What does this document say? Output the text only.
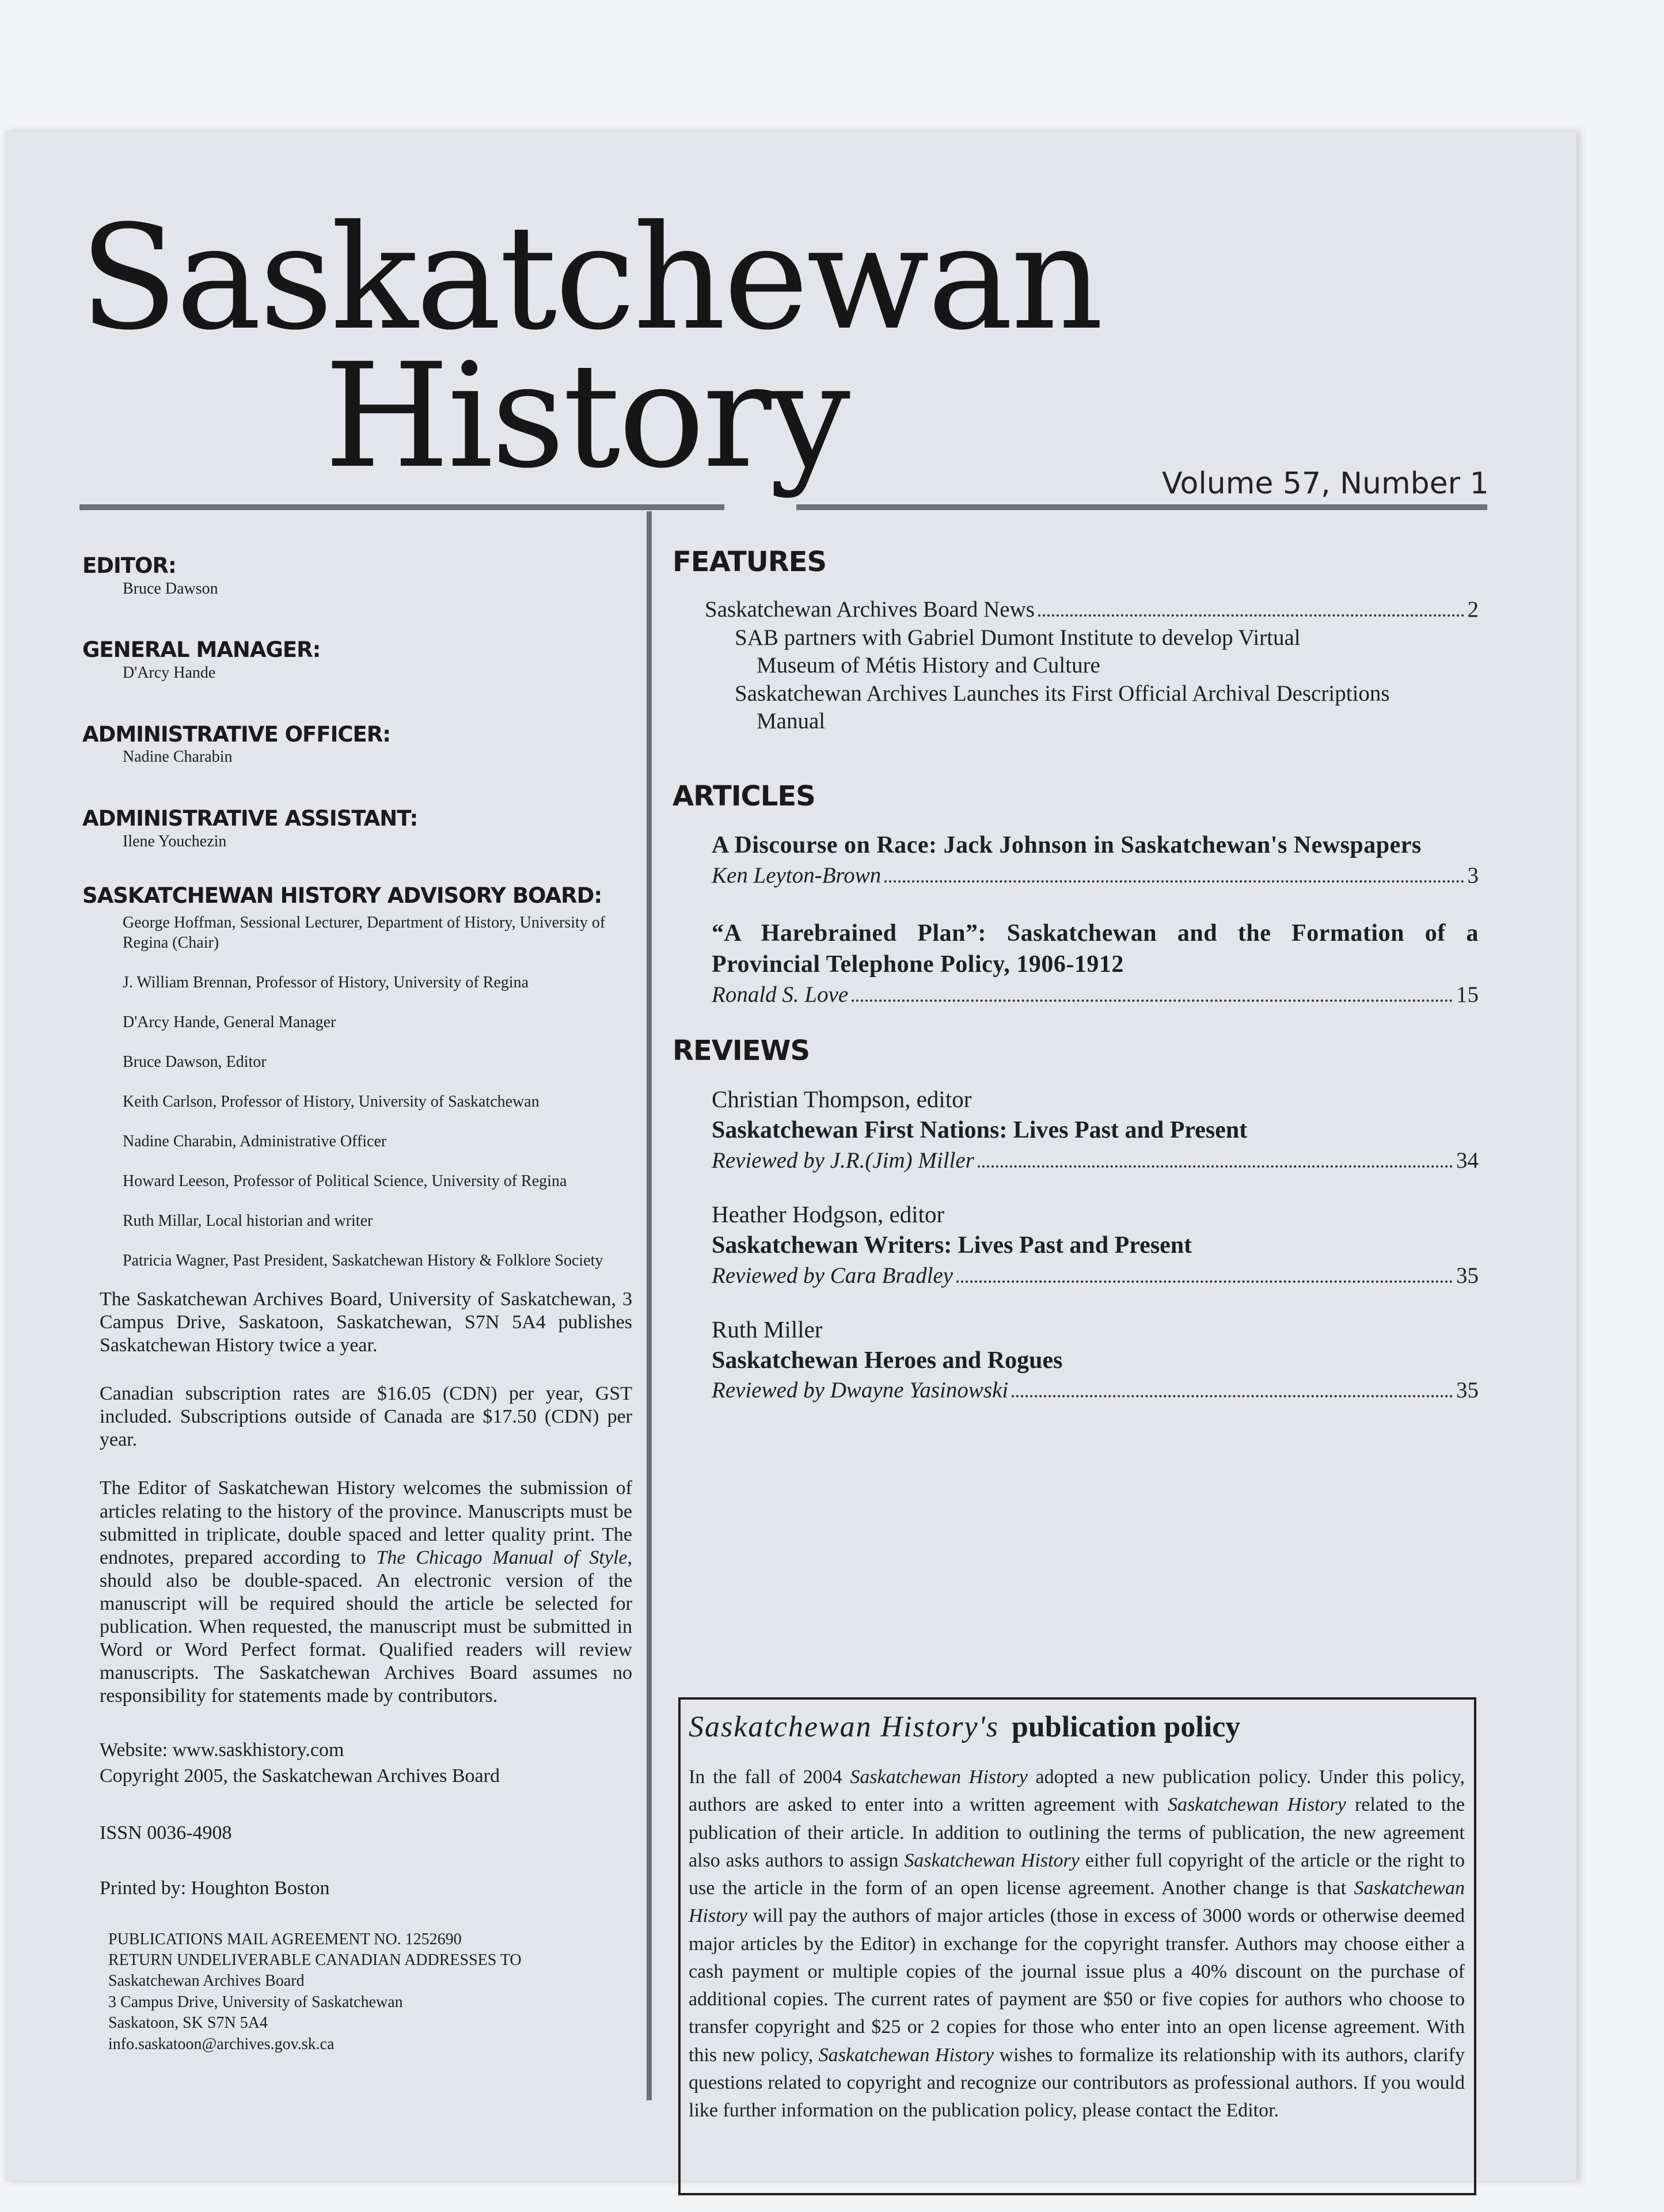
Saskatchewan
History	Volume 57, Number 1
EDITOR:
Bruce Dawson
GENERAL MANAGER:
D'Arcy Hande
ADMINISTRATIVE OFFICER:
Nadine Charabin
ADMINISTRATIVE ASSISTANT:
Ilene Youchezin
SASKATCHEWAN HISTORY ADVISORY BOARD:
George Hoffman, Sessional Lecturer, Department of History, University of Regina (Chair)
J. William Brennan, Professor of History, University of Regina
D'Arcy Hande, General Manager
Bruce Dawson, Editor
Keith Carlson, Professor of History, University of Saskatchewan
Nadine Charabin, Administrative Officer
Howard Leeson, Professor of Political Science, University of Regina
Ruth Millar, Local historian and writer
Patricia Wagner, Past President, Saskatchewan History & Folklore Society
The Saskatchewan Archives Board, University of Saskatchewan, 3 Campus Drive, Saskatoon, Saskatchewan, S7N 5A4 publishes Saskatchewan History twice a year.
Canadian subscription rates are $16.05 (CDN) per year, GST included. Subscriptions outside of Canada are $17.50 (CDN) per year.
The Editor of Saskatchewan History welcomes the submission of articles relating to the history of the province. Manuscripts must be submitted in triplicate, double spaced and letter quality print. The endnotes, prepared according to The Chicago Manual of Style, should also be double-spaced. An electronic version of the manuscript will be required should the article be selected for publication. When requested, the manuscript must be submitted in Word or Word Perfect format. Qualified readers will review manuscripts. The Saskatchewan Archives Board assumes no responsibility for statements made by contributors.
Website: www.saskhistory.com
Copyright 2005, the Saskatchewan Archives Board
ISSN 0036-4908
Printed by: Houghton Boston
PUBLICATIONS MAIL AGREEMENT NO. 1252690
RETURN UNDELIVERABLE CANADIAN ADDRESSES TO
Saskatchewan Archives Board
3 Campus Drive, University of Saskatchewan
Saskatoon, SK S7N 5A4
info.saskatoon@archives.gov.sk.ca
FEATURES
Saskatchewan Archives Board News	2
SAB partners with Gabriel Dumont Institute to develop Virtual
Museum of Métis History and Culture
Saskatchewan Archives Launches its First Official Archival Descriptions
Manual
ARTICLES
A Discourse on Race: Jack Johnson in Saskatchewan's Newspapers
Ken Leyton-Brown	3
“A Harebrained Plan”: Saskatchewan and the Formation of a Provincial Telephone Policy, 1906-1912
Ronald S. Love	15
REVIEWS
Christian Thompson, editor
Saskatchewan First Nations: Lives Past and Present
Reviewed by J.R.(Jim) Miller	34
Heather Hodgson, editor
Saskatchewan Writers: Lives Past and Present
Reviewed by Cara Bradley	35
Ruth Miller
Saskatchewan Heroes and Rogues
Reviewed by Dwayne Yasinowski	35
Saskatchewan History's publication policy
In the fall of 2004 Saskatchewan History adopted a new publication policy. Under this policy, authors are asked to enter into a written agreement with Saskatchewan History related to the publication of their article. In addition to outlining the terms of publication, the new agreement also asks authors to assign Saskatchewan History either full copyright of the article or the right to use the article in the form of an open license agreement. Another change is that Saskatchewan History will pay the authors of major articles (those in excess of 3000 words or otherwise deemed major articles by the Editor) in exchange for the copyright transfer. Authors may choose either a cash payment or multiple copies of the journal issue plus a 40% discount on the purchase of additional copies. The current rates of payment are $50 or five copies for authors who choose to transfer copyright and $25 or 2 copies for those who enter into an open license agreement. With this new policy, Saskatchewan History wishes to formalize its relationship with its authors, clarify questions related to copyright and recognize our contributors as professional authors. If you would like further information on the publication policy, please contact the Editor.
